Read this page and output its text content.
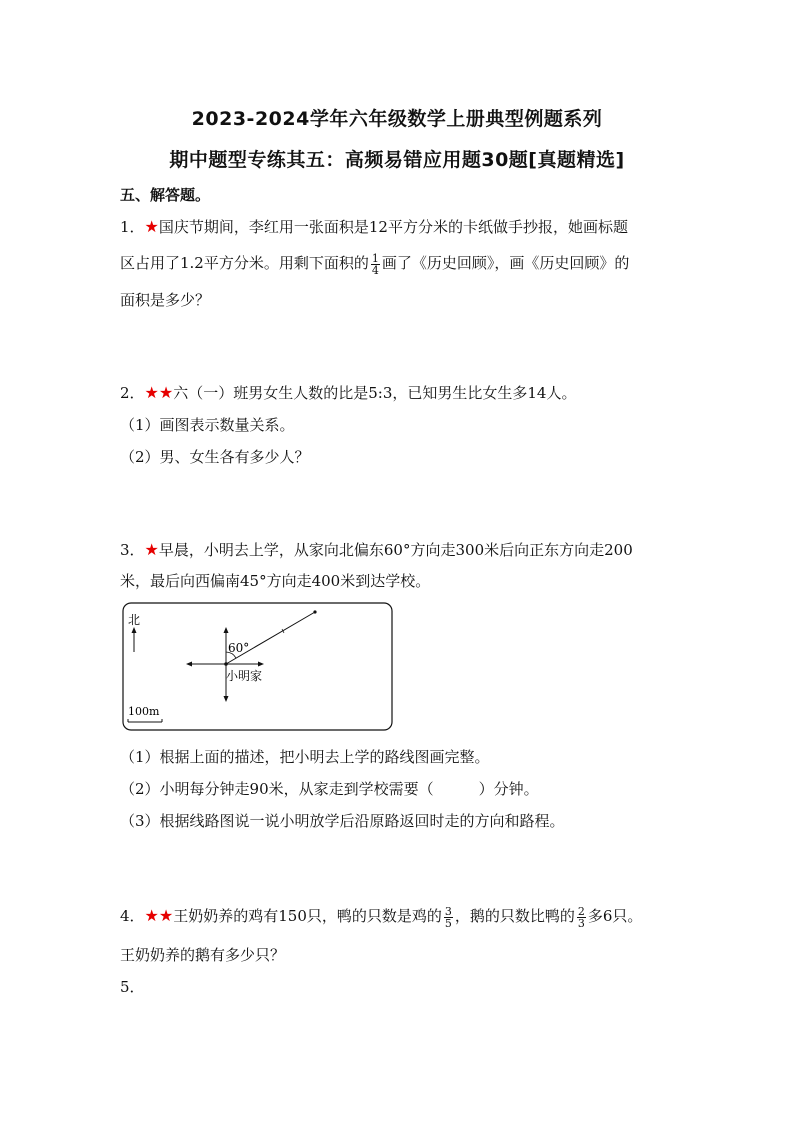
2023-2024学年六年级数学上册典型例题系列
期中题型专练其五：高频易错应用题30题[真题精选]
五、解答题。
1．★国庆节期间，李红用一张面积是12平方分米的卡纸做手抄报，她画标题
区占用了1.2平方分米。用剩下面积的 $\frac{1}{4}$ 画了《历史回顾》，画《历史回顾》的
面积是多少？
2．★★六（一）班男女生人数的比是5:3，已知男生比女生多14人。
（1）画图表示数量关系。
（2）男、女生各有多少人？
3．★早晨，小明去上学，从家向北偏东60°方向走300米后向正东方向走200
米，最后向西偏南45°方向走400米到达学校。
北
60°
小明家
100m
（1）根据上面的描述，把小明去上学的路线图画完整。
（2）小明每分钟走90米，从家走到学校需要（　　　）分钟。
（3）根据线路图说一说小明放学后沿原路返回时走的方向和路程。
4．★★王奶奶养的鸡有150只，鸭的只数是鸡的 $\frac{3}{5}$ ，鹅的只数比鸭的 $\frac{2}{3}$ 多6只。
王奶奶养的鹅有多少只？
5．
